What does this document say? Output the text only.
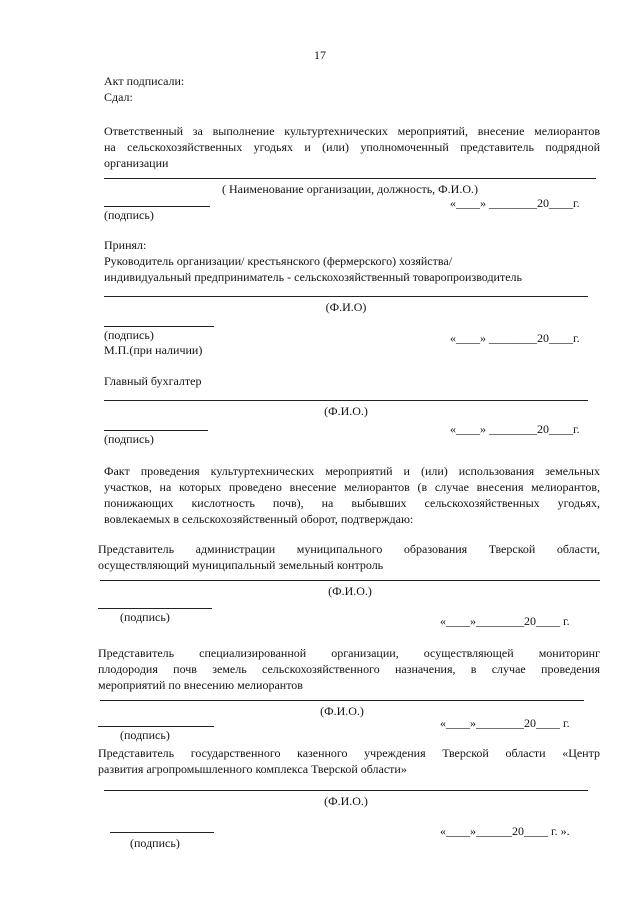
17
Акт подписали:
Сдал:
Ответственный за выполнение культуртехнических мероприятий, внесение мелиорантов
на сельскохозяйственных угодьях и (или) уполномоченный представитель подрядной
организации
( Наименование организации, должность, Ф.И.О.)
(подпись)
«____» ________20____г.
Принял:
Руководитель организации/ крестьянского (фермерского) хозяйства/
индивидуальный предприниматель - сельскохозяйственный товаропроизводитель
(Ф.И.О)
(подпись)
М.П.(при наличии)
«____» ________20____г.
Главный бухгалтер
(Ф.И.О.)
(подпись)
«____» ________20____г.
Факт проведения культуртехнических мероприятий и (или) использования земельных
участков, на которых проведено внесение мелиорантов (в случае внесения мелиорантов,
понижающих кислотность почв), на выбывших сельскохозяйственных угодьях,
вовлекаемых в сельскохозяйственный оборот, подтверждаю:
Представитель администрации муниципального образования Тверской области,
осуществляющий муниципальный земельный контроль
(Ф.И.О.)
(подпись)	«____»________20____ г.
Представитель специализированной организации, осуществляющей мониторинг
плодородия почв земель сельскохозяйственного назначения, в случае проведения
мероприятий по внесению мелиорантов
(Ф.И.О.)
(подпись)
«____»________20____ г.
Представитель государственного казенного учреждения Тверской области «Центр
развития агропромышленного комплекса Тверской области»
(Ф.И.О.)
(подпись)
«____»______20____ г. ».
